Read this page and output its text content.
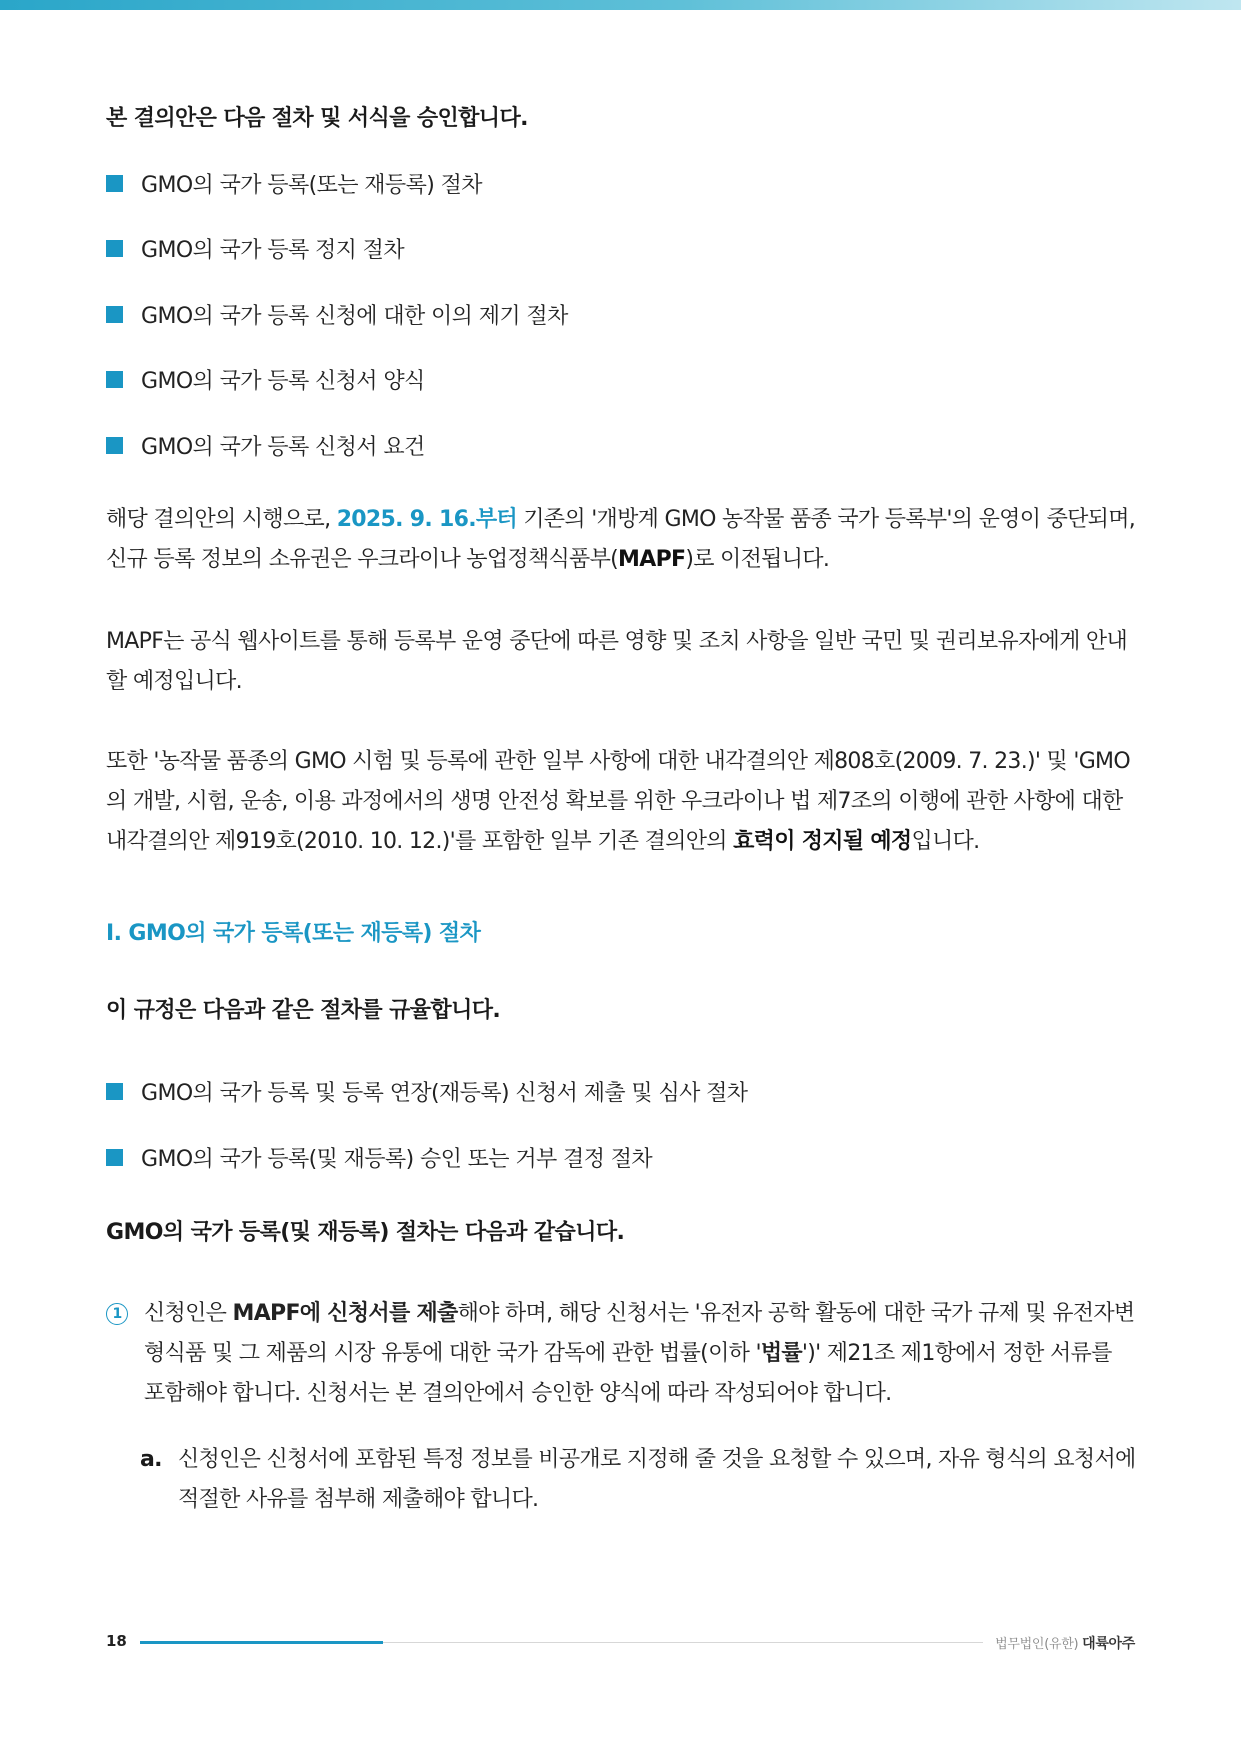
본 결의안은 다음 절차 및 서식을 승인합니다.
GMO의 국가 등록(또는 재등록) 절차
GMO의 국가 등록 정지 절차
GMO의 국가 등록 신청에 대한 이의 제기 절차
GMO의 국가 등록 신청서 양식
GMO의 국가 등록 신청서 요건
해당 결의안의 시행으로, 2025. 9. 16.부터 기존의 '개방계 GMO 농작물 품종 국가 등록부'의 운영이 중단되며, 신규 등록 정보의 소유권은 우크라이나 농업정책식품부(MAPF)로 이전됩니다.
MAPF는 공식 웹사이트를 통해 등록부 운영 중단에 따른 영향 및 조치 사항을 일반 국민 및 권리보유자에게 안내할 예정입니다.
또한 '농작물 품종의 GMO 시험 및 등록에 관한 일부 사항에 대한 내각결의안 제808호(2009. 7. 23.)' 및 'GMO의 개발, 시험, 운송, 이용 과정에서의 생명 안전성 확보를 위한 우크라이나 법 제7조의 이행에 관한 사항에 대한 내각결의안 제919호(2010. 10. 12.)'를 포함한 일부 기존 결의안의 효력이 정지될 예정입니다.
I. GMO의 국가 등록(또는 재등록) 절차
이 규정은 다음과 같은 절차를 규율합니다.
GMO의 국가 등록 및 등록 연장(재등록) 신청서 제출 및 심사 절차
GMO의 국가 등록(및 재등록) 승인 또는 거부 결정 절차
GMO의 국가 등록(및 재등록) 절차는 다음과 같습니다.
1 신청인은 MAPF에 신청서를 제출해야 하며, 해당 신청서는 '유전자 공학 활동에 대한 국가 규제 및 유전자변형식품 및 그 제품의 시장 유통에 대한 국가 감독에 관한 법률(이하 '법률')' 제21조 제1항에서 정한 서류를 포함해야 합니다. 신청서는 본 결의안에서 승인한 양식에 따라 작성되어야 합니다.
a. 신청인은 신청서에 포함된 특정 정보를 비공개로 지정해 줄 것을 요청할 수 있으며, 자유 형식의 요청서에 적절한 사유를 첨부해 제출해야 합니다.
18	법무법인(유한) 대륙아주
